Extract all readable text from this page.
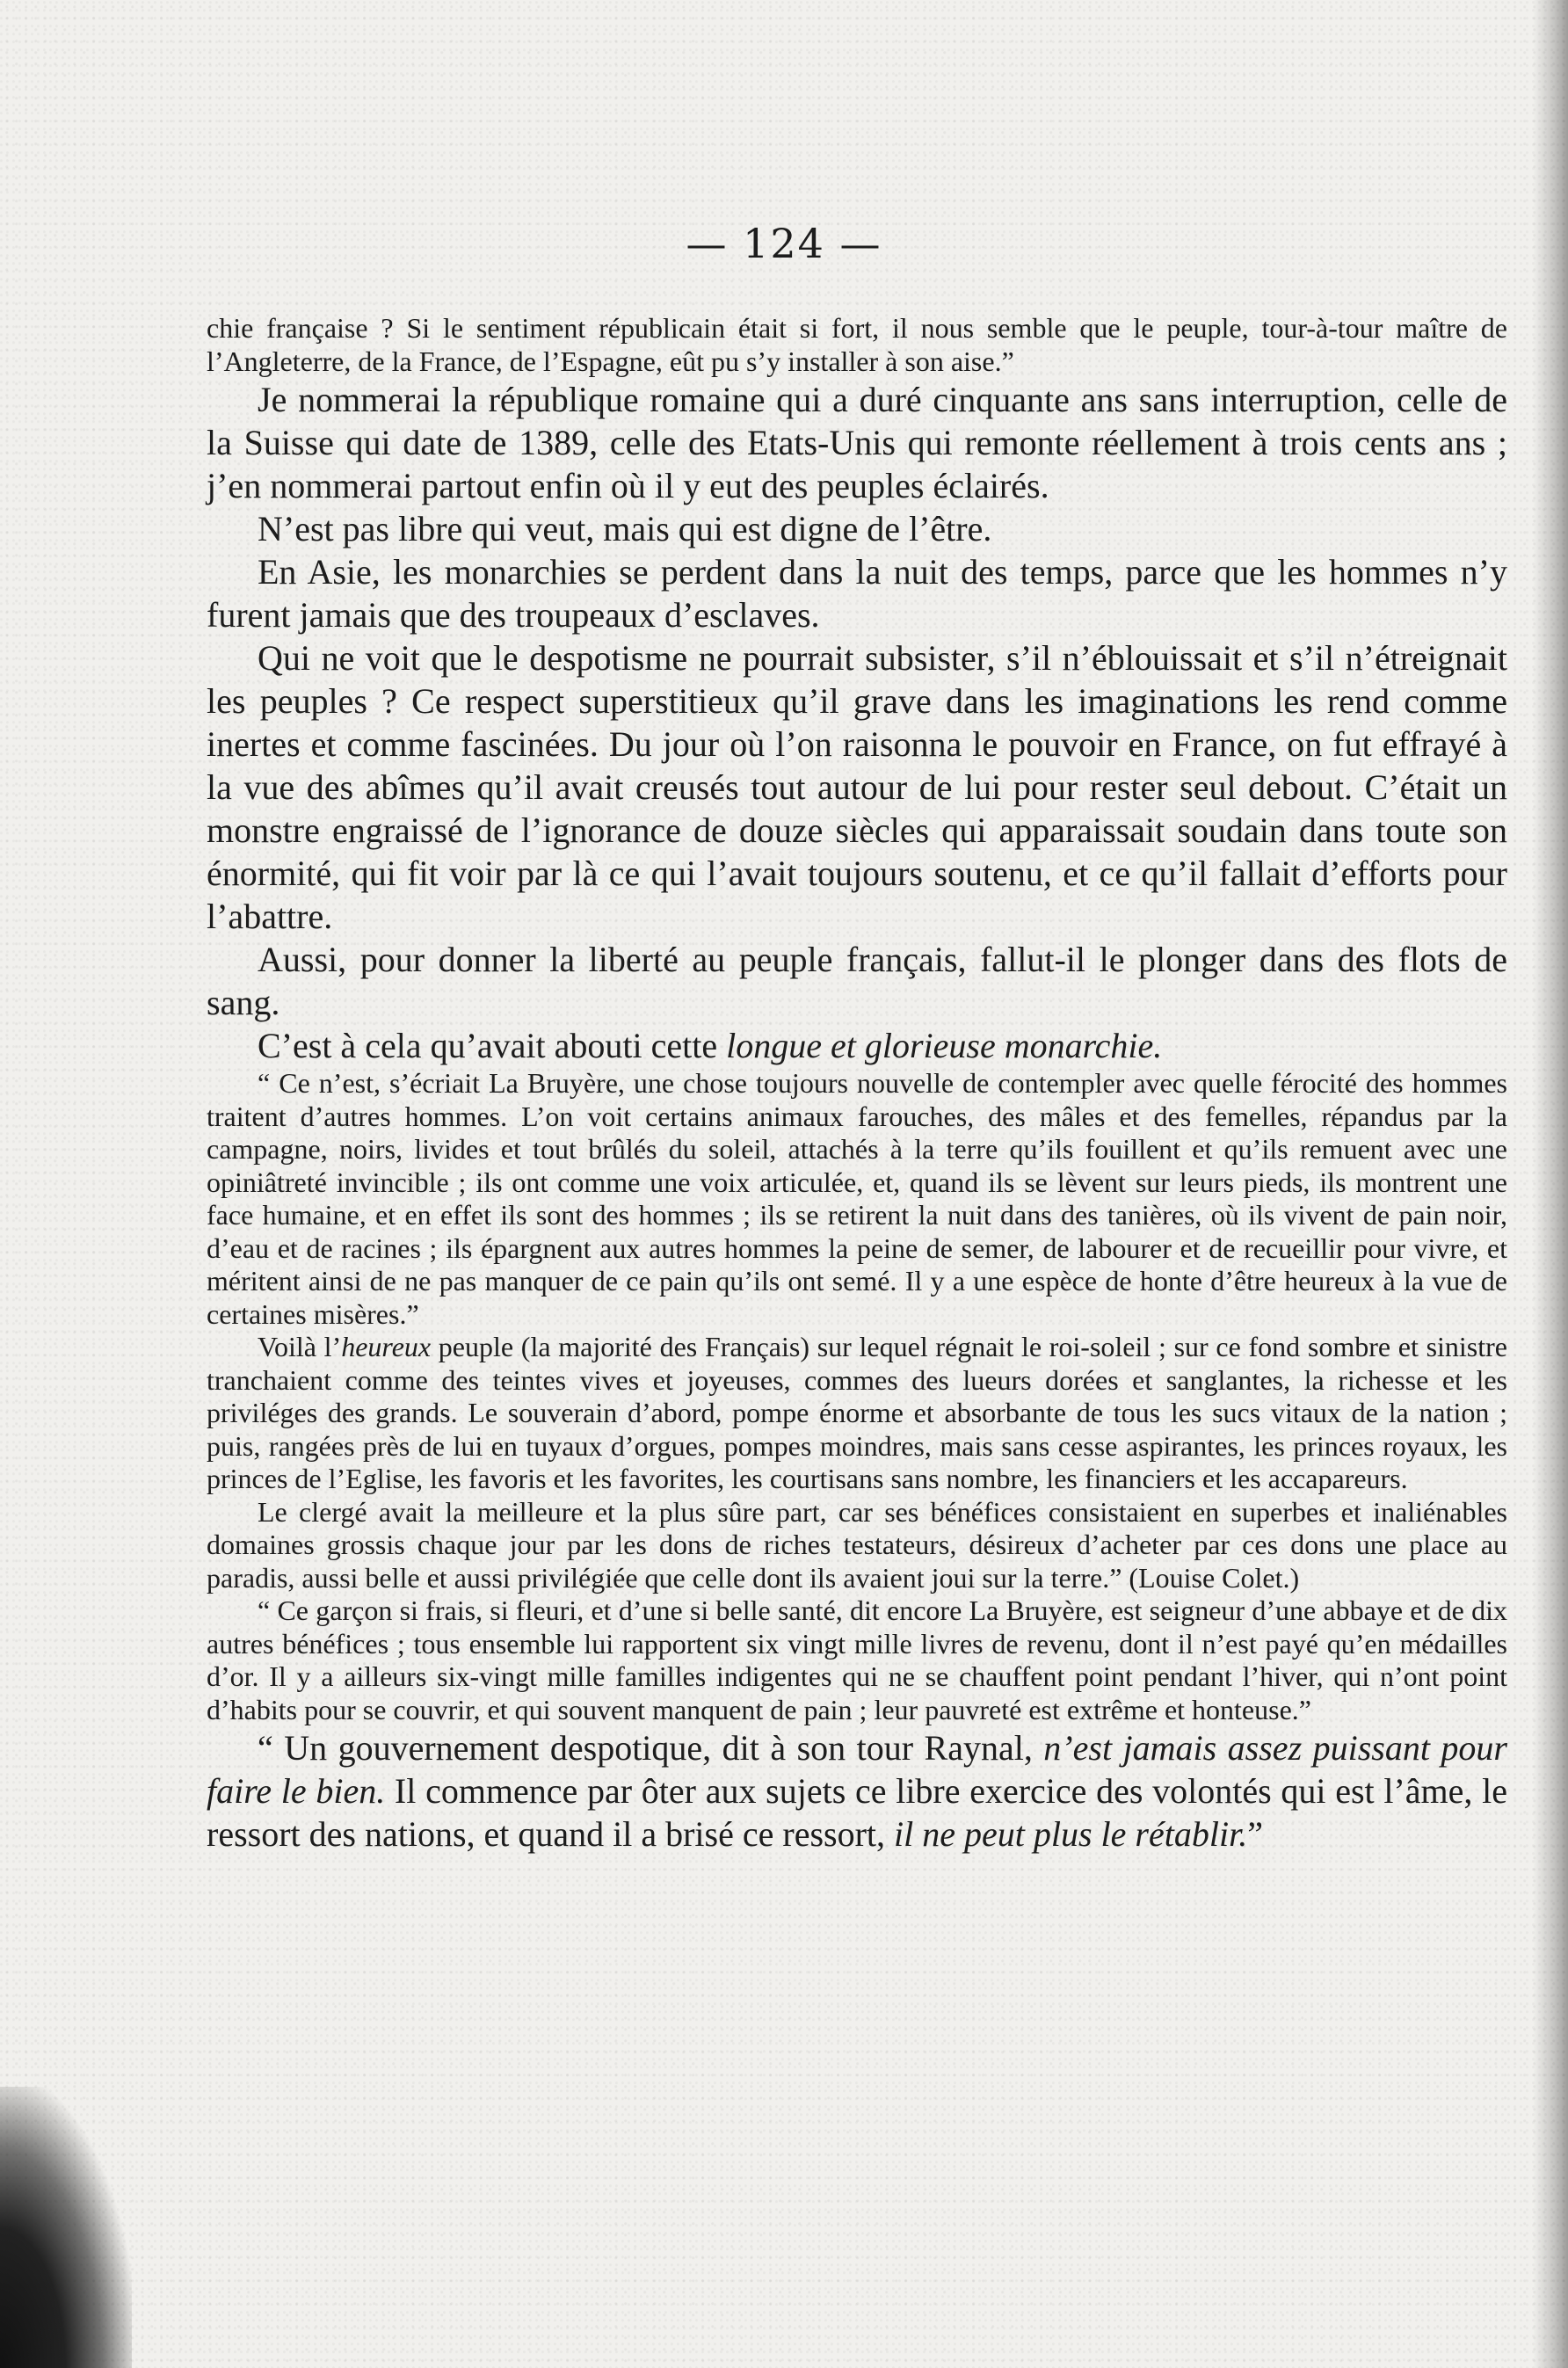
— 124 —

chie française ? Si le sentiment républicain était si fort, il nous semble que le peuple, tour-à-tour maître de l’Angleterre, de la France, de l’Espagne, eût pu s’y installer à son aise.”

Je nommerai la république romaine qui a duré cinquante ans sans interruption, celle de la Suisse qui date de 1389, celle des Etats-Unis qui remonte réellement à trois cents ans ; j’en nommerai partout enfin où il y eut des peuples éclairés.

N’est pas libre qui veut, mais qui est digne de l’être.

En Asie, les monarchies se perdent dans la nuit des temps, parce que les hommes n’y furent jamais que des troupeaux d’esclaves.

Qui ne voit que le despotisme ne pourrait subsister, s’il n’éblouissait et s’il n’étreignait les peuples ? Ce respect superstitieux qu’il grave dans les imaginations les rend comme inertes et comme fascinées. Du jour où l’on raisonna le pouvoir en France, on fut effrayé à la vue des abîmes qu’il avait creusés tout autour de lui pour rester seul debout. C’était un monstre engraissé de l’ignorance de douze siècles qui apparaissait soudain dans toute son énormité, qui fit voir par là ce qui l’avait toujours soutenu, et ce qu’il fallait d’efforts pour l’abattre.

Aussi, pour donner la liberté au peuple français, fallut-il le plonger dans des flots de sang.

C’est à cela qu’avait abouti cette longue et glorieuse monarchie.

“ Ce n’est, s’écriait La Bruyère, une chose toujours nouvelle de contempler avec quelle férocité des hommes traitent d’autres hommes. L’on voit certains animaux farouches, des mâles et des femelles, répandus par la campagne, noirs, livides et tout brûlés du soleil, attachés à la terre qu’ils fouillent et qu’ils remuent avec une opiniâtreté invincible ; ils ont comme une voix articulée, et, quand ils se lèvent sur leurs pieds, ils montrent une face humaine, et en effet ils sont des hommes ; ils se retirent la nuit dans des tanières, où ils vivent de pain noir, d’eau et de racines ; ils épargnent aux autres hommes la peine de semer, de labourer et de recueillir pour vivre, et méritent ainsi de ne pas manquer de ce pain qu’ils ont semé. Il y a une espèce de honte d’être heureux à la vue de certaines misères.”

Voilà l’heureux peuple (la majorité des Français) sur lequel régnait le roi-soleil ; sur ce fond sombre et sinistre tranchaient comme des teintes vives et joyeuses, commes des lueurs dorées et sanglantes, la richesse et les priviléges des grands. Le souverain d’abord, pompe énorme et absorbante de tous les sucs vitaux de la nation ; puis, rangées près de lui en tuyaux d’orgues, pompes moindres, mais sans cesse aspirantes, les princes royaux, les princes de l’Eglise, les favoris et les favorites, les courtisans sans nombre, les financiers et les accapareurs.

Le clergé avait la meilleure et la plus sûre part, car ses bénéfices consistaient en superbes et inaliénables domaines grossis chaque jour par les dons de riches testateurs, désireux d’acheter par ces dons une place au paradis, aussi belle et aussi privilégiée que celle dont ils avaient joui sur la terre.” (Louise Colet.)

“ Ce garçon si frais, si fleuri, et d’une si belle santé, dit encore La Bruyère, est seigneur d’une abbaye et de dix autres bénéfices ; tous ensemble lui rapportent six vingt mille livres de revenu, dont il n’est payé qu’en médailles d’or. Il y a ailleurs six-vingt mille familles indigentes qui ne se chauffent point pendant l’hiver, qui n’ont point d’habits pour se couvrir, et qui souvent manquent de pain ; leur pauvreté est extrême et honteuse.”

“ Un gouvernement despotique, dit à son tour Raynal, n’est jamais assez puissant pour faire le bien. Il commence par ôter aux sujets ce libre exercice des volontés qui est l’âme, le ressort des nations, et quand il a brisé ce ressort, il ne peut plus le rétablir.”
